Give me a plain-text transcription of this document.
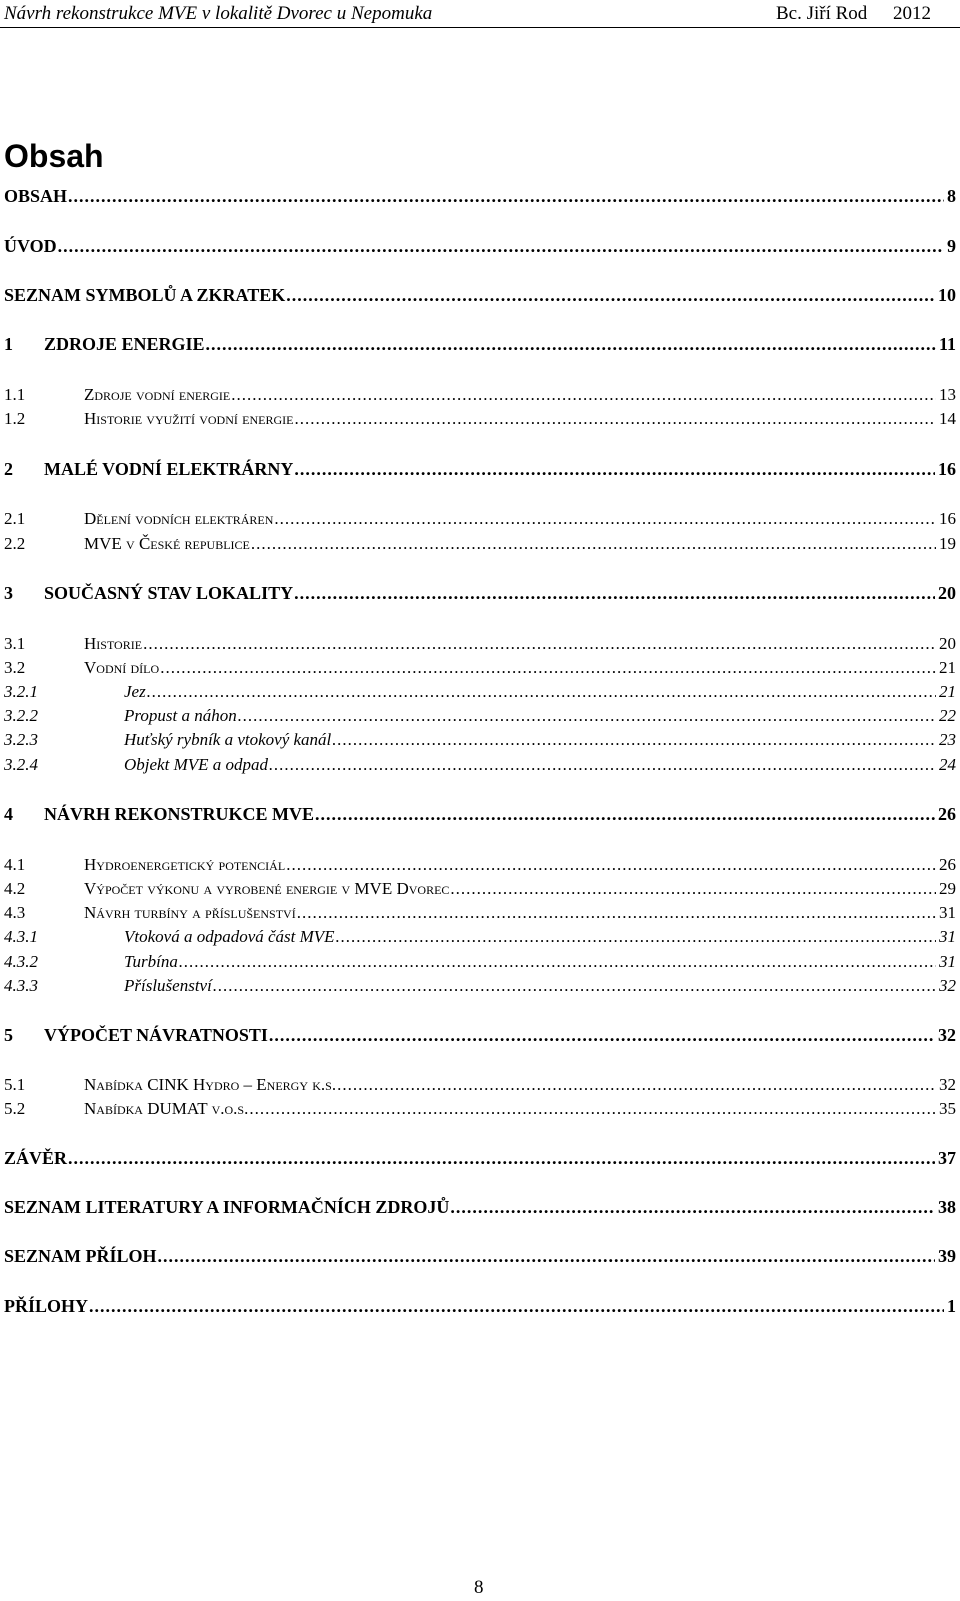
Návrh rekonstrukce MVE v lokalitě Dvorec u Nepomuka	Bc. Jiří Rod 2012
Obsah
OBSAH .....	8
ÚVOD .....	9
SEZNAM SYMBOLŮ A ZKRATEK .....	10
1	ZDROJE ENERGIE .....	11
1.1	Zdroje vodní energie .....	13
1.2	Historie využití vodní energie .....	14
2	MALÉ VODNÍ ELEKTRÁRNY .....	16
2.1	Dělení vodních elektráren .....	16
2.2	MVE v České republice .....	19
3	SOUČASNÝ STAV LOKALITY .....	20
3.1	Historie .....	20
3.2	Vodní dílo .....	21
3.2.1	Jez .....	21
3.2.2	Propust a náhon .....	22
3.2.3	Huťský rybník a vtokový kanál .....	23
3.2.4	Objekt MVE a odpad .....	24
4	NÁVRH REKONSTRUKCE MVE .....	26
4.1	Hydroenergetický potenciál .....	26
4.2	Výpočet výkonu a vyrobené energie v MVE Dvorec .....	29
4.3	Návrh turbíny a příslušenství .....	31
4.3.1	Vtoková a odpadová část MVE .....	31
4.3.2	Turbína .....	31
4.3.3	Příslušenství .....	32
5	VÝPOČET NÁVRATNOSTI .....	32
5.1	Nabídka CINK Hydro – Energy k.s. .....	32
5.2	Nabídka DUMAT v.o.s. .....	35
ZÁVĚR .....	37
SEZNAM LITERATURY A INFORMAČNÍCH ZDROJŮ .....	38
SEZNAM PŘÍLOH .....	39
PŘÍLOHY .....	1
8
